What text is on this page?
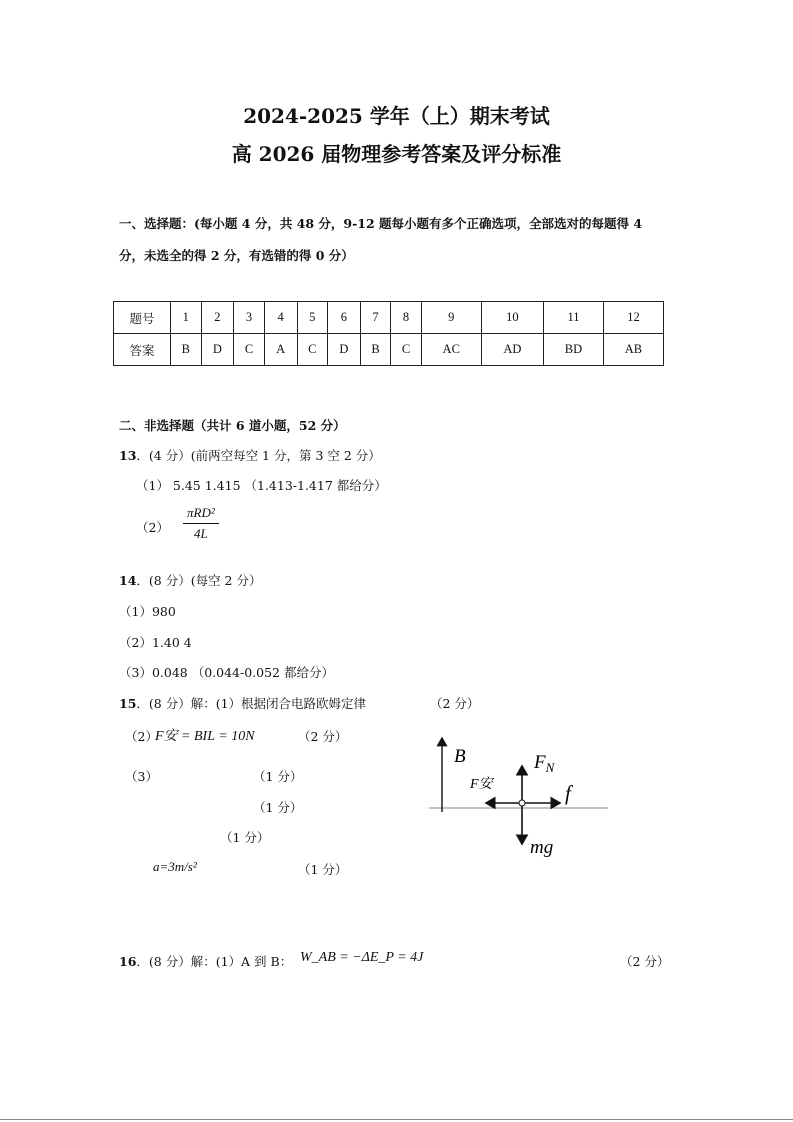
2024-2025 学年（上）期末考试
高 2026 届物理参考答案及评分标准
一、选择题：(每小题 4 分，共 48 分，9-12 题每小题有多个正确选项，全部选对的每题得 4
分，未选全的得 2 分，有选错的得 0 分）
题号	1	2	3	4	5	6	7	8	9	10	11	12
答案	B	D	C	A	C	D	B	C	AC	AD	BD	AB
二、非选择题（共计 6 道小题，52 分）
13．(4 分）(前两空每空 1 分，第 3 空 2 分）
（1） 5.45 1.415 （1.413-1.417 都给分）
（2）
πRD²
4L
14．(8 分）(每空 2 分）
（1）980
（2）1.40 4
（3）0.048 （0.044-0.052 都给分）
15．(8 分）解：(1）根据闭合电路欧姆定律	（2 分）
（2）
F安 = BIL = 10N	（2 分）
（3）	（1 分）
（1 分）
（1 分）
a=3m/s²	（1 分）
B	$F_N$
F安	f
mg
16．(8 分）解：(1）A 到 B： W_AB = −ΔE_P = 4J	（2 分）
